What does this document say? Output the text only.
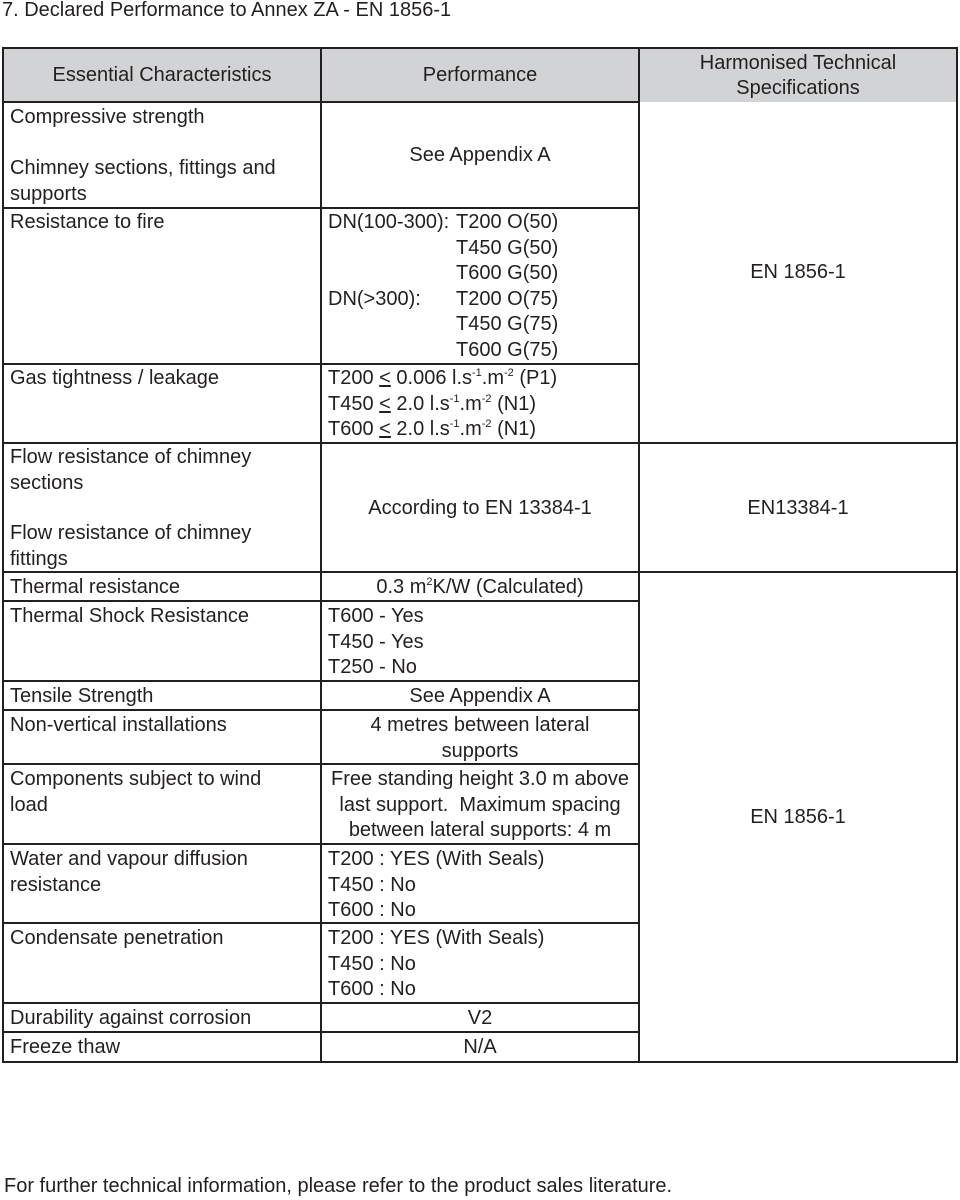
7. Declared Performance to Annex ZA - EN 1856-1
Essential Characteristics	Performance
Harmonised Technical Specifications
Compressive strength
Chimney sections, fittings and supports
Resistance to fire
Gas tightness / leakage
Flow resistance of chimney sections
Flow resistance of chimney fittings
Thermal resistance
Thermal Shock Resistance
Tensile Strength
Non-vertical installations
Components subject to wind load
Water and vapour diffusion resistance
Condensate penetration
Durability against corrosion
Freeze thaw
See Appendix A
DN(100-300): T200 O(50)
T450 G(50)
T600 G(50)
DN(>300): T200 O(75)
T450 G(75)
T600 G(75)
T200 < 0.006 $l.s^{-1}.m^{-2}$ (P1)
T450 < 2.0 $l.s^{-1}.m^{-2}$ (N1)
T600 < 2.0 $l.s^{-1}.m^{-2}$ (N1)
According to EN 13384-1
0.3 $m^2K/W$ (Calculated)
T600 - Yes
T450 - Yes
T250 - No
See Appendix A
4 metres between lateral
supports
Free standing height 3.0 m above
last support.  Maximum spacing
between lateral supports: 4 m
T200 : YES (With Seals)
T450 : No
T600 : No
T200 : YES (With Seals)
T450 : No
T600 : No
V2
N/A
EN 1856-1
EN13384-1
EN 1856-1
For further technical information, please refer to the product sales literature.
